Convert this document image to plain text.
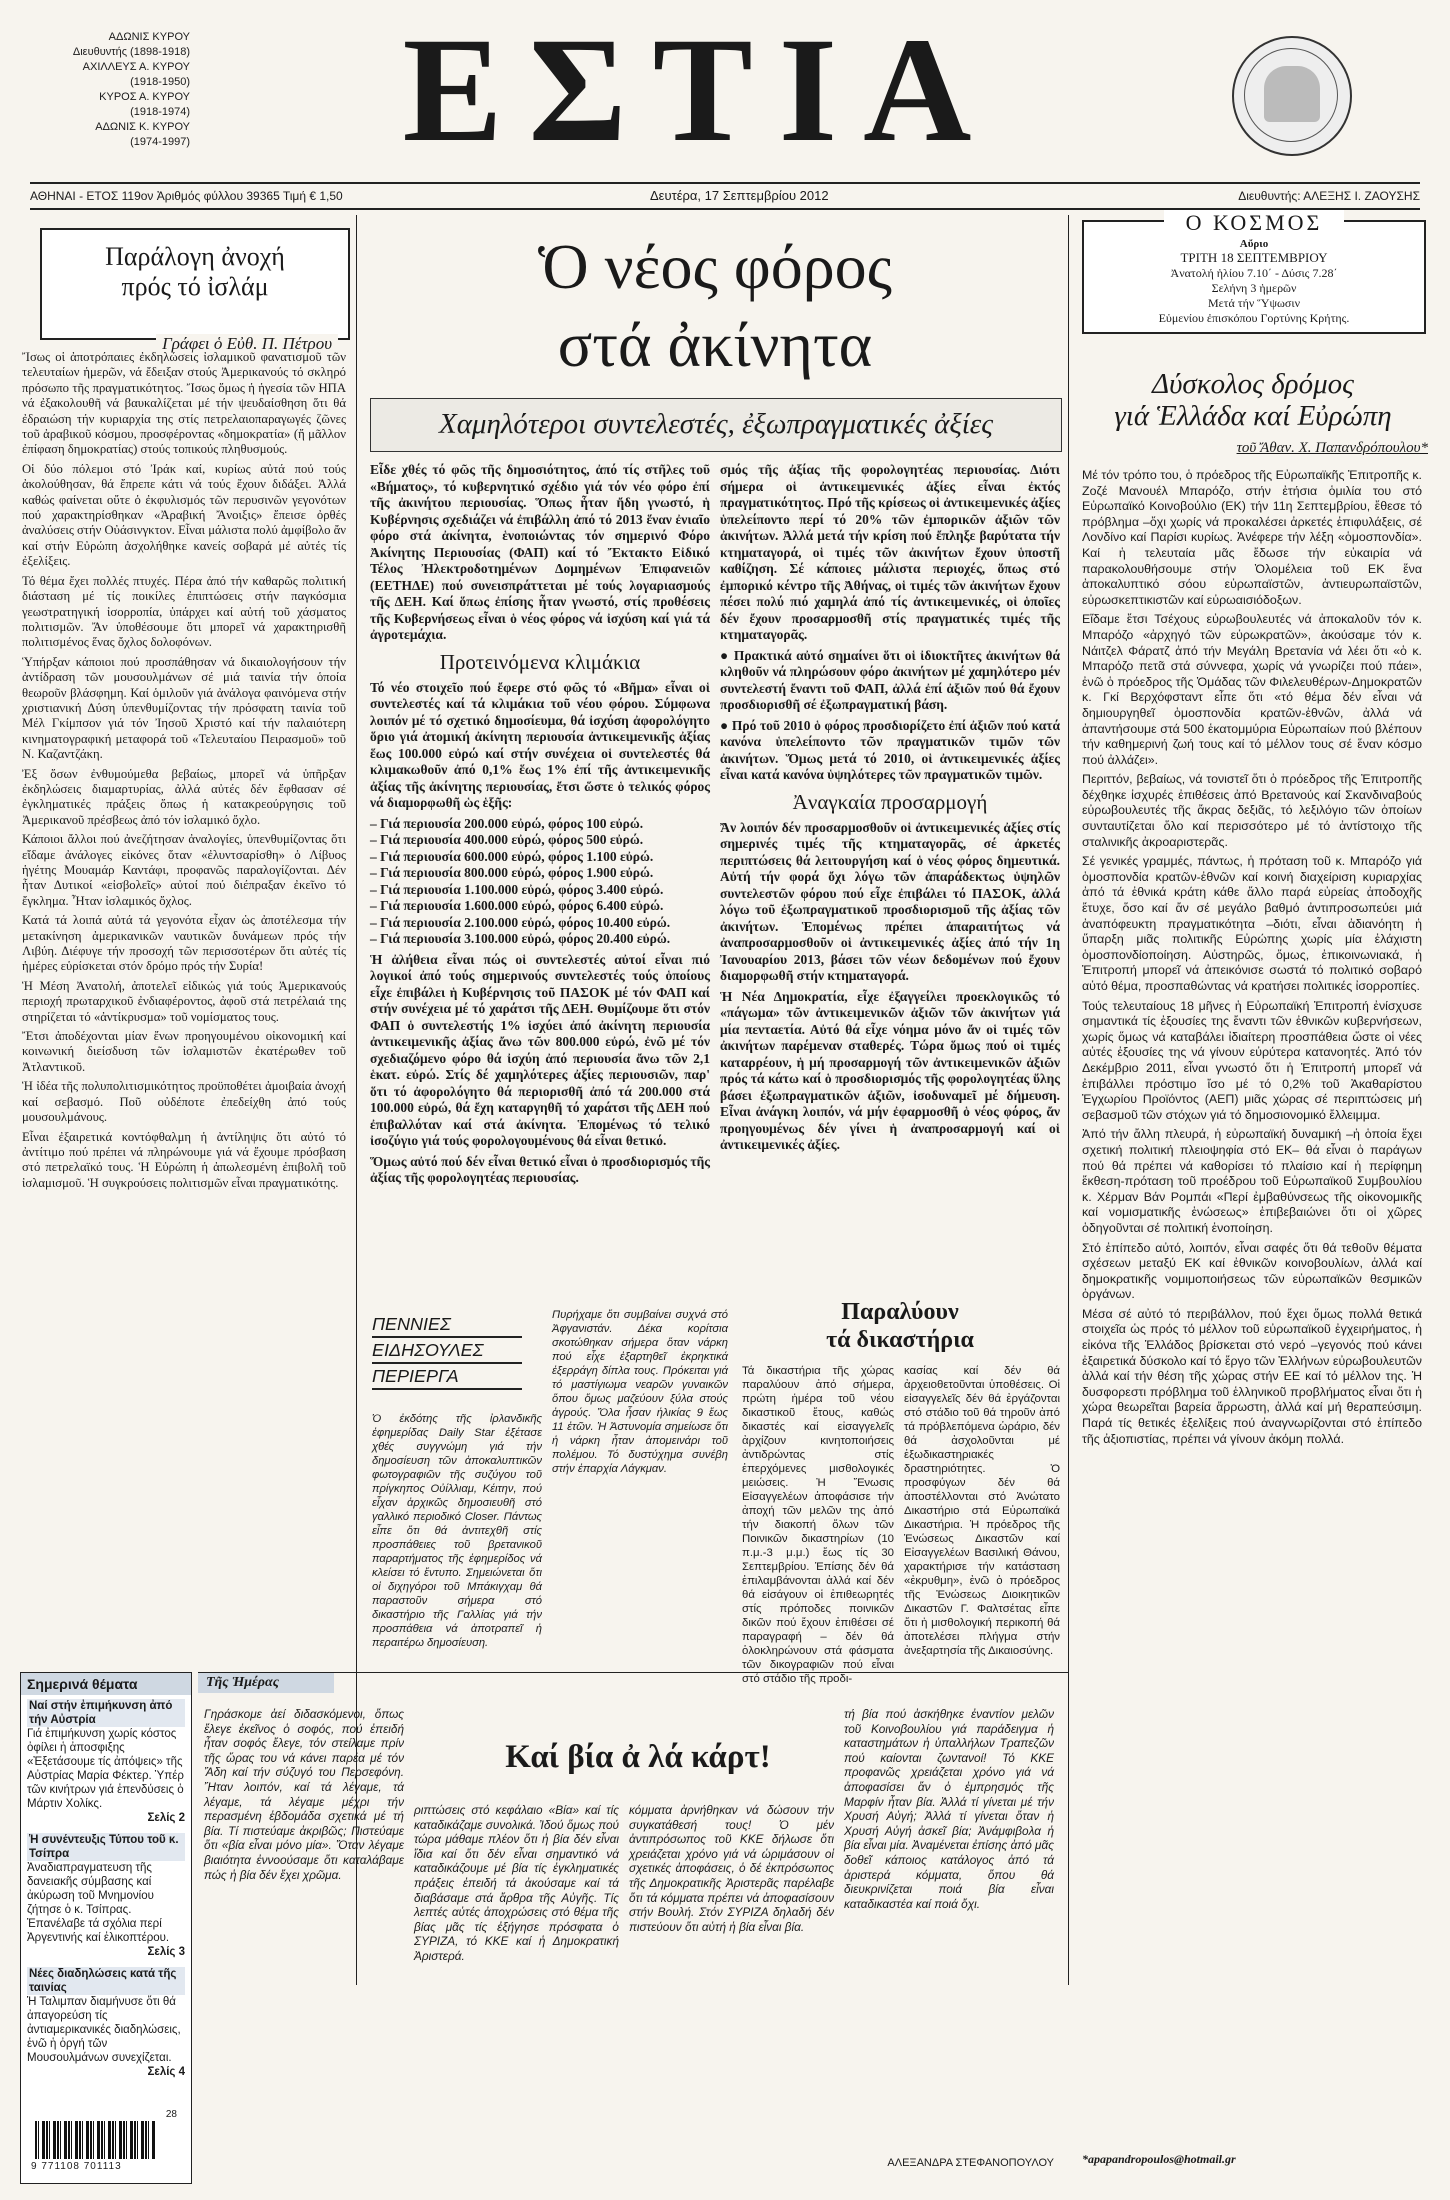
ΑΔΩΝΙΣ ΚΥΡΟΥ
Διευθυντής (1898-1918)
ΑΧΙΛΛΕΥΣ Α. ΚΥΡΟΥ
(1918-1950)
ΚΥΡΟΣ Α. ΚΥΡΟΥ
(1918-1974)
ΑΔΩΝΙΣ Κ. ΚΥΡΟΥ
(1974-1997)	ΕΣΤΙΑ
ΑΘΗΝΑΙ - ΕΤΟΣ 119ον Ἀριθμός φύλλου 39365 Τιμή € 1,50	Δευτέρα, 17 Σεπτεμβρίου 2012	Διευθυντής: ΑΛΕΞΗΣ Ι. ΖΑΟΥΣΗΣ
Παράλογη ἀνοχή
πρός τό ἰσλάμ
Γράφει ὁ Εὐθ. Π. Πέτρου

Ἴσως οἱ ἀποτρόπαιες ἐκδηλώσεις ἰσλαμικοῦ φανατισμοῦ τῶν τελευταίων ἡμερῶν, νά ἔδειξαν στούς Ἀμερικανούς τό σκληρό πρόσωπο τῆς πραγματικότητος. Ἴσως ὅμως ἡ ἡγεσία τῶν ΗΠΑ νά ἐξακολουθῆ νά βαυκαλίζεται μέ τήν ψευδαίσθηση ὅτι θά ἐδραιώση τήν κυριαρχία της στίς πετρελαιοπαραγωγές ζῶνες τοῦ ἀραβικοῦ κόσμου, προσφέροντας «δημοκρατία» (ἤ μᾶλλον ἐπίφαση δημοκρατίας) στούς τοπικούς πληθυσμούς.

Οἱ δύο πόλεμοι στό Ἰράκ καί, κυρίως αὐτά πού τούς ἀκολούθησαν, θά ἔπρεπε κάτι νά τούς ἔχουν διδάξει. Ἀλλά καθώς φαίνεται οὔτε ὁ ἐκφυλισμός τῶν περυσινῶν γεγονότων πού χαρακτηρίσθηκαν «Ἀραβική Ἄνοιξις» ἔπεισε ὀρθές ἀναλύσεις στήν Οὐάσινγκτον. Εἶναι μάλιστα πολύ ἀμφίβολο ἄν καί στήν Εὐρώπη ἀσχολήθηκε κανείς σοβαρά μέ αὐτές τίς ἐξελίξεις.

Τό θέμα ἔχει πολλές πτυχές. Πέρα ἀπό τήν καθαρῶς πολιτική διάσταση μέ τίς ποικίλες ἐπιπτώσεις στήν παγκόσμια γεωστρατηγική ἰσορροπία, ὑπάρχει καί αὐτή τοῦ χάσματος πολιτισμῶν. Ἄν ὑποθέσουμε ὅτι μπορεῖ νά χαρακτηρισθῆ πολιτισμένος ἕνας ὄχλος δολοφόνων.

Ὑπήρξαν κάποιοι πού προσπάθησαν νά δικαιολογήσουν τήν ἀντίδραση τῶν μουσουλμάνων σέ μιά ταινία τήν ὁποία θεωροῦν βλάσφημη. Καί ὁμιλοῦν γιά ἀνάλογα φαινόμενα στήν χριστιανική Δύση ὑπενθυμίζοντας τήν πρόσφατη ταινία τοῦ Μέλ Γκίμπσον γιά τόν Ἰησοῦ Χριστό καί τήν παλαιότερη κινηματογραφική μεταφορά τοῦ «Τελευταίου Πειρασμοῦ» τοῦ Ν. Καζαντζάκη.

Ἐξ ὅσων ἐνθυμούμεθα βεβαίως, μπορεῖ νά ὑπῆρξαν ἐκδηλώσεις διαμαρτυρίας, ἀλλά αὐτές δέν ἔφθασαν σέ ἐγκληματικές πράξεις ὅπως ἡ κατακρεούργησις τοῦ Ἀμερικανοῦ πρέσβεως ἀπό τόν ἰσλαμικό ὄχλο.

Κάποιοι ἄλλοι πού ἀνεζήτησαν ἀναλογίες, ὑπενθυμίζοντας ὅτι εἴδαμε ἀνάλογες εἰκόνες ὅταν «ἐλυντσαρίσθη» ὁ Λίβυος ἡγέτης Μουαμάρ Καντάφι, προφανῶς παραλογίζονται. Δέν ἦταν Δυτικοί «εἰσβολεῖς» αὐτοί πού διέπραξαν ἐκεῖνο τό ἔγκλημα. Ἦταν ἰσλαμικός ὄχλος.

Κατά τά λοιπά αὐτά τά γεγονότα εἶχαν ὡς ἀποτέλεσμα τήν μετακίνηση ἀμερικανικῶν ναυτικῶν δυνάμεων πρός τήν Λιβύη. Διέφυγε τήν προσοχή τῶν περισσοτέρων ὅτι αὐτές τίς ἡμέρες εὑρίσκεται στόν δρόμο πρός τήν Συρία!

Ἡ Μέση Ἀνατολή, ἀποτελεῖ εἰδικώς γιά τούς Ἀμερικανούς περιοχή πρωταρχικοῦ ἐνδιαφέροντος, ἀφοῦ στά πετρέλαιά της στηρίζεται τό «ἀντίκρυσμα» τοῦ νομίσματος τους.

Ἔτσι ἀποδέχονται μίαν ἔνων προηγουμένου οἰκονομική καί κοινωνική διείσδυση τῶν ἰσλαμιστῶν ἐκατέρωθεν τοῦ Ἀτλαντικοῦ.

Ἡ ἰδέα τῆς πολυπολιτισμικότητος προϋποθέτει ἀμοιβαία ἀνοχή καί σεβασμό. Ποῦ οὐδέποτε ἐπεδείχθη ἀπό τούς μουσουλμάνους.

Εἶναι ἐξαιρετικά κοντόφθαλμη ἡ ἀντίληψις ὅτι αὐτό τό ἀντίτιμο πού πρέπει νά πληρώνουμε γιά νά ἔχουμε πρόσβαση στό πετρελαϊκό τους. Ἡ Εὐρώπη ἡ ἀπωλεσμένη ἐπιβολῆ τοῦ ἰσλαμισμοῦ. Ἡ συγκρούσεις πολιτισμῶν εἶναι πραγματικότης.

Ὁ νέος φόρος
στά ἀκίνητα
Χαμηλότεροι συντελεστές, ἐξωπραγματικές ἀξίες

Εἶδε χθές τό φῶς τῆς δημοσιότητος, ἀπό τίς στῆλες τοῦ «Βήματος», τό κυβερνητικό σχέδιο γιά τόν νέο φόρο ἐπί τῆς ἀκινήτου περιουσίας. Ὅπως ἦταν ἤδη γνωστό, ἡ Κυβέρνησις σχεδιάζει νά ἐπιβάλλη ἀπό τό 2013 ἕναν ἐνιαῖο φόρο στά ἀκίνητα, ἑνοποιώντας τόν σημερινό Φόρο Ἀκίνητης Περιουσίας (ΦΑΠ) καί τό Ἔκτακτο Εἰδικό Τέλος Ἠλεκτροδοτημένων Δομημένων Ἐπιφανειῶν (ΕΕΤΗΔΕ) πού συνεισπράττεται μέ τούς λογαριασμούς τῆς ΔΕΗ. Καί ὅπως ἐπίσης ἦταν γνωστό, στίς προθέσεις τῆς Κυβερνήσεως εἶναι ὁ νέος φόρος νά ἰσχύση καί γιά τά ἀγροτεμάχια.

Προτεινόμενα κλιμάκια

Τό νέο στοιχεῖο πού ἔφερε στό φῶς τό «Βῆμα» εἶναι οἱ συντελεστές καί τά κλιμάκια τοῦ νέου φόρου. Σύμφωνα λοιπόν μέ τό σχετικό δημοσίευμα, θά ἰσχύση ἀφορολόγητο ὅριο γιά ἀτομική ἀκίνητη περιουσία ἀντικειμενικῆς ἀξίας ἕως 100.000 εὐρώ καί στήν συνέχεια οἱ συντελεστές θά κλιμακωθοῦν ἀπό 0,1% ἕως 1% ἐπί τῆς ἀντικειμενικῆς ἀξίας τῆς ἀκίνητης περιουσίας, ἔτσι ὥστε ὁ τελικός φόρος νά διαμορφωθῆ ὡς ἑξῆς:

– Γιά περιουσία 200.000 εὐρώ, φόρος 100 εὐρώ.
– Γιά περιουσία 400.000 εὐρώ, φόρος 500 εὐρώ.
– Γιά περιουσία 600.000 εὐρώ, φόρος 1.100 εὐρώ.
– Γιά περιουσία 800.000 εὐρώ, φόρος 1.900 εὐρώ.
– Γιά περιουσία 1.100.000 εὐρώ, φόρος 3.400 εὐρώ.
– Γιά περιουσία 1.600.000 εὐρώ, φόρος 6.400 εὐρώ.
– Γιά περιουσία 2.100.000 εὐρώ, φόρος 10.400 εὐρώ.
– Γιά περιουσία 3.100.000 εὐρώ, φόρος 20.400 εὐρώ.

Ἡ ἀλήθεια εἶναι πώς οἱ συντελεστές αὐτοί εἶναι πιό λογικοί ἀπό τούς σημερινούς συντελεστές τούς ὁποίους εἶχε ἐπιβάλει ἡ Κυβέρνησις τοῦ ΠΑΣΟΚ μέ τόν ΦΑΠ καί στήν συνέχεια μέ τό χαράτσι τῆς ΔΕΗ. Θυμίζουμε ὅτι στόν ΦΑΠ ὁ συντελεστής 1% ἰσχύει ἀπό ἀκίνητη περιουσία ἀντικειμενικῆς ἀξίας ἄνω τῶν 800.000 εὐρώ, ἐνῶ μέ τόν σχεδιαζόμενο φόρο θά ἰσχύη ἀπό περιουσία ἄνω τῶν 2,1 ἑκατ. εὐρώ. Στίς δέ χαμηλότερες ἀξίες περιουσιῶν, παρ' ὅτι τό ἀφορολόγητο θά περιορισθῆ ἀπό τά 200.000 στά 100.000 εὐρώ, θά ἔχη καταργηθῆ τό χαράτσι τῆς ΔΕΗ πού ἐπιβαλλόταν καί στά ἀκίνητα. Ἑπομένως τό τελικό ἰσοζύγιο γιά τούς φορολογουμένους θά εἶναι θετικό.

Ὅμως αὐτό πού δέν εἶναι θετικό εἶναι ὁ προσδιορισμός τῆς ἀξίας τῆς φορολογητέας περιουσίας.

σμός τῆς ἀξίας τῆς φορολογητέας περιουσίας. Διότι σήμερα οἱ ἀντικειμενικές ἀξίες εἶναι ἐκτός πραγματικότητος. Πρό τῆς κρίσεως οἱ ἀντικειμενικές ἀξίες ὑπελείποντο περί τό 20% τῶν ἐμπορικῶν ἀξιῶν τῶν ἀκινήτων. Ἀλλά μετά τήν κρίση πού ἔπληξε βαρύτατα τήν κτηματαγορά, οἱ τιμές τῶν ἀκινήτων ἔχουν ὑποστῆ καθίζηση. Σέ κάποιες μάλιστα περιοχές, ὅπως στό ἐμπορικό κέντρο τῆς Ἀθήνας, οἱ τιμές τῶν ἀκινήτων ἔχουν πέσει πολύ πιό χαμηλά ἀπό τίς ἀντικειμενικές, οἱ ὁποῖες δέν ἔχουν προσαρμοσθῆ στίς πραγματικές τιμές τῆς κτηματαγορᾶς.

● Πρακτικά αὐτό σημαίνει ὅτι οἱ ἰδιοκτῆτες ἀκινήτων θά κληθοῦν νά πληρώσουν φόρο ἀκινήτων μέ χαμηλότερο μέν συντελεστή ἔναντι τοῦ ΦΑΠ, ἀλλά ἐπί ἀξιῶν πού θά ἔχουν προσδιορισθῆ σέ ἐξωπραγματική βάση.

● Πρό τοῦ 2010 ὁ φόρος προσδιορίζετο ἐπί ἀξιῶν πού κατά κανόνα ὑπελείποντο τῶν πραγματικῶν τιμῶν τῶν ἀκινήτων. Ὅμως μετά τό 2010, οἱ ἀντικειμενικές ἀξίες εἶναι κατά κανόνα ὑψηλότερες τῶν πραγματικῶν τιμῶν.

Ἀναγκαία προσαρμογή

Ἄν λοιπόν δέν προσαρμοσθοῦν οἱ ἀντικειμενικές ἀξίες στίς σημερινές τιμές τῆς κτηματαγορᾶς, σέ ἀρκετές περιπτώσεις θά λειτουργήση καί ὁ νέος φόρος δημευτικά. Αὐτή τήν φορά ὄχι λόγω τῶν ἀπαράδεκτως ὑψηλῶν συντελεστῶν φόρου πού εἶχε ἐπιβάλει τό ΠΑΣΟΚ, ἀλλά λόγω τοῦ ἐξωπραγματικοῦ προσδιορισμοῦ τῆς ἀξίας τῶν ἀκινήτων. Ἑπομένως πρέπει ἀπαραιτήτως νά ἀναπροσαρμοσθοῦν οἱ ἀντικειμενικές ἀξίες ἀπό τήν 1η Ἰανουαρίου 2013, βάσει τῶν νέων δεδομένων πού ἔχουν διαμορφωθῆ στήν κτηματαγορά.

Ἡ Νέα Δημοκρατία, εἶχε ἐξαγγείλει προεκλογικῶς τό «πάγωμα» τῶν ἀντικειμενικῶν ἀξιῶν τῶν ἀκινήτων γιά μία πενταετία. Αὐτό θά εἶχε νόημα μόνο ἄν οἱ τιμές τῶν ἀκινήτων παρέμεναν σταθερές. Τώρα ὅμως πού οἱ τιμές καταρρέουν, ἡ μή προσαρμογή τῶν ἀντικειμενικῶν ἀξιῶν πρός τά κάτω καί ὁ προσδιορισμός τῆς φορολογητέας ὕλης βάσει ἐξωπραγματικῶν ἀξιῶν, ἰσοδυναμεῖ μέ δήμευση. Εἶναι ἀνάγκη λοιπόν, νά μήν ἐφαρμοσθῆ ὁ νέος φόρος, ἄν προηγουμένως δέν γίνει ἡ ἀναπροσαρμογή καί οἱ ἀντικειμενικές ἀξίες.

Ο ΚΟΣΜΟΣ
Αὔριο
ΤΡΙΤΗ 18 ΣΕΠΤΕΜΒΡΙΟΥ
Ἀνατολή ἡλίου 7.10΄ - Δύσις 7.28΄
Σελήνη 3 ἡμερῶν
Μετά τήν Ὕψωσιν
Εὐμενίου ἐπισκόπου Γορτύνης Κρήτης.
Δύσκολος δρόμος
γιά Ἑλλάδα καί Εὐρώπη
τοῦ Ἄθαν. Χ. Παπανδρόπουλου*

Μέ τόν τρόπο του, ὁ πρόεδρος τῆς Εὐρωπαϊκῆς Ἐπιτροπῆς κ. Ζοζέ Μανουέλ Μπαρόζο, στήν ἐτήσια ὁμιλία του στό Εὐρωπαϊκό Κοινοβούλιο (ΕΚ) τήν 11η Σεπτεμβρίου, ἔθεσε τό πρόβλημα –ὄχι χωρίς νά προκαλέσει ἀρκετές ἐπιφυλάξεις, σέ Λονδίνο καί Παρίσι κυρίως. Ἀνέφερε τήν λέξη «ὁμοσπονδία». Καί ἡ τελευταία μᾶς ἔδωσε τήν εὐκαιρία νά παρακολουθήσουμε στήν Ὀλομέλεια τοῦ ΕΚ ἕνα ἀποκαλυπτικό σόου εὐρωπαϊστῶν, ἀντιευρωπαϊστῶν, εὐρωσκεπτικιστῶν καί εὐρωαισιόδοξων.

Εἴδαμε ἔτσι Τσέχους εὐρωβουλευτές νά ἀποκαλοῦν τόν κ. Μπαρόζο «ἀρχηγό τῶν εὐρωκρατῶν», ἀκούσαμε τόν κ. Νάιτζελ Φάρατζ ἀπό τήν Μεγάλη Βρετανία νά λέει ὅτι «ὁ κ. Μπαρόζο πετᾶ στά σύννεφα, χωρίς νά γνωρίζει πού πάει», ἐνῶ ὁ πρόεδρος τῆς Ὁμάδας τῶν Φιλελευθέρων-Δημοκρατῶν κ. Γκί Βερχόφσταντ εἶπε ὅτι «τό θέμα δέν εἶναι νά δημιουργηθεῖ ὁμοσπονδία κρατῶν-ἐθνῶν, ἀλλά νά ἀπαντήσουμε στά 500 ἑκατομμύρια Εὐρωπαίων πού βλέπουν τήν καθημερινή ζωή τους καί τό μέλλον τους σέ ἕναν κόσμο πού ἀλλάζει».

Περιττόν, βεβαίως, νά τονιστεῖ ὅτι ὁ πρόεδρος τῆς Ἐπιτροπῆς δέχθηκε ἰσχυρές ἐπιθέσεις ἀπό Βρετανούς καί Σκανδιναβούς εὐρωβουλευτές τῆς ἄκρας δεξιᾶς, τό λεξιλόγιο τῶν ὁποίων συνταυτίζεται ὅλο καί περισσότερο μέ τό ἀντίστοιχο τῆς σταλινικῆς ἀκροαριστερᾶς.

Σέ γενικές γραμμές, πάντως, ἡ πρόταση τοῦ κ. Μπαρόζο γιά ὁμοσπονδία κρατῶν-ἐθνῶν καί κοινή διαχείριση κυριαρχίας ἀπό τά ἐθνικά κράτη κάθε ἄλλο παρά εὐρείας ἀποδοχῆς ἔτυχε, ὅσο καί ἄν σέ μεγάλο βαθμό ἀντιπροσωπεύει μιά ἀναπόφευκτη πραγματικότητα –διότι, εἶναι ἀδιανόητη ἡ ὕπαρξη μιᾶς πολιτικῆς Εὐρώπης χωρίς μία ἐλάχιστη ὁμοσπονδίοποίηση. Αὐστηρῶς, ὅμως, ἐπικοινωνιακά, ἡ Ἐπιτροπή μπορεῖ νά ἀπεικόνισε σωστά τό πολιτικό σοβαρό αὐτό θέμα, προσπαθώντας νά κρατήσει πολιτικές ἰσορροπίες.

Τούς τελευταίους 18 μῆνες ἡ Εὐρωπαϊκή Ἐπιτροπή ἐνίσχυσε σημαντικά τίς ἐξουσίες της ἔναντι τῶν ἐθνικῶν κυβερνήσεων, χωρίς ὅμως νά καταβάλει ἰδιαίτερη προσπάθεια ὥστε οἱ νέες αὐτές ἐξουσίες της νά γίνουν εὐρύτερα κατανοητές. Ἀπό τόν Δεκέμβριο 2011, εἶναι γνωστό ὅτι ἡ Ἐπιτροπή μπορεῖ νά ἐπιβάλλει πρόστιμο ἴσο μέ τό 0,2% τοῦ Ἀκαθαρίστου Ἐγχωρίου Προϊόντος (ΑΕΠ) μιᾶς χώρας σέ περιπτώσεις μή σεβασμοῦ τῶν στόχων γιά τό δημοσιονομικό ἔλλειμμα.

Ἀπό τήν ἄλλη πλευρά, ἡ εὐρωπαϊκή δυναμική –ἡ ὁποία ἔχει σχετική πολιτική πλειοψηφία στό ΕΚ– θά εἶναι ὁ παράγων πού θά πρέπει νά καθορίσει τό πλαίσιο καί ἡ περίφημη ἔκθεση-πρόταση τοῦ προέδρου τοῦ Εὐρωπαϊκοῦ Συμβουλίου κ. Χέρμαν Βάν Ρομπάι «Περί ἐμβαθύνσεως τῆς οἰκονομικῆς καί νομισματικῆς ἑνώσεως» ἐπιβεβαιώνει ὅτι οἱ χῶρες ὁδηγοῦνται σέ πολιτική ἑνοποίηση.

Στό ἐπίπεδο αὐτό, λοιπόν, εἶναι σαφές ὅτι θά τεθοῦν θέματα σχέσεων μεταξύ ΕΚ καί ἐθνικῶν κοινοβουλίων, ἀλλά καί δημοκρατικῆς νομιμοποιήσεως τῶν εὐρωπαϊκῶν θεσμικῶν ὀργάνων.

Μέσα σέ αὐτό τό περιβάλλον, πού ἔχει ὅμως πολλά θετικά στοιχεῖα ὡς πρός τό μέλλον τοῦ εὐρωπαϊκοῦ ἐγχειρήματος, ἡ εἰκόνα τῆς Ἑλλάδος βρίσκεται στό νερό –γεγονός πού κάνει ἐξαιρετικά δύσκολο καί τό ἔργο τῶν Ἑλλήνων εὐρωβουλευτῶν ἀλλά καί τήν θέση τῆς χώρας στήν ΕΕ καί τό μέλλον της. Ἡ δυσφορεστι πρόβλημα τοῦ ἑλληνικοῦ προβλήματος εἶναι ὅτι ἡ χώρα θεωρεῖται βαρεία ἄρρωστη, ἀλλά καί μή θεραπεύσιμη. Παρά τίς θετικές ἐξελίξεις πού ἀναγνωρίζονται στό ἐπίπεδο τῆς ἀξιοπιστίας, πρέπει νά γίνουν ἀκόμη πολλά.

*apapandropoulos@hotmail.gr
ΠΕΝΝΙΕΣ
ΕΙΔΗΣΟΥΛΕΣ
ΠΕΡΙΕΡΓΑ
Ὁ ἐκδότης τῆς ἰρλανδικῆς ἐφημερίδας Daily Star ἐξέτασε χθές συγγνώμη γιά τήν δημοσίευση τῶν ἀποκαλυπτικῶν φωτογραφιῶν τῆς συζύγου τοῦ πρίγκηπος Οὐίλλιαμ, Κέιτην, πού εἶχαν ἀρχικῶς δημοσιευθῆ στό γαλλικό περιοδικό Closer. Πάντως εἶπε ὅτι θά ἀντιτεχθῆ στίς προσπάθειες τοῦ βρετανικοῦ παραρτήματος τῆς ἐφημερίδος νά κλείσει τό ἔντυπο. Σημειώνεται ὅτι οἱ διχηγόροι τοῦ Μπάκιγχαμ θά παραστοῦν σήμερα στό δικαστήριο τῆς Γαλλίας γιά τήν προσπάθεια νά ἀποτραπεῖ ἡ περαιτέρω δημοσίευση.
Πυρήχαμε ὅτι συμβαίνει συχνά στό Ἀφγανιστάν. Δέκα κορίτσια σκοτώθηκαν σήμερα ὅταν νάρκη πού εἶχε ἐξαρτηθεῖ ἐκρηκτικά ἐξερράγη δίπλα τους. Πρόκειται γιά τό μαστίγιωμα νεαρῶν γυναικῶν ὅπου ὅμως μαζεύουν ξύλα στούς ἀγρούς. Ὅλα ἦσαν ἡλικίας 9 ἕως 11 ἐτῶν. Ἡ Ἀστυνομία σημείωσε ὅτι ἡ νάρκη ἦταν ἀπομεινάρι τοῦ πολέμου. Τό δυστύχημα συνέβη στήν ἐπαρχία Λάγκμαν.
Παραλύουν
τά δικαστήρια
Τά δικαστήρια τῆς χώρας παραλύουν ἀπό σήμερα, πρώτη ἡμέρα τοῦ νέου δικαστικοῦ ἔτους, καθώς δικαστές καί εἰσαγγελεῖς ἀρχίζουν κινητοποιήσεις ἀντιδρώντας στίς ἐπερχόμενες μισθολογικές μειώσεις. Ἡ Ἕνωσις Εἰσαγγελέων ἀποφάσισε τήν ἀποχή τῶν μελῶν της ἀπό τήν διακοπή ὅλων τῶν Ποινικῶν δικαστηρίων (10 π.μ.-3 μ.μ.) ἕως τίς 30 Σεπτεμβρίου. Ἐπίσης δέν θά ἐπιλαμβάνονται ἀλλά καί δέν θά εἰσάγουν οἱ ἐπιθεωρητές στίς πρόποδες ποινικῶν δικῶν πού ἔχουν ἐπιθέσει σέ παραγραφή – δέν θά ὁλοκληρώνουν στά φάσματα τῶν δικογραφιῶν πού εἶναι στό στάδιο τῆς προδι-
κασίας καί δέν θά ἀρχειοθετοῦνται ὑποθέσεις. Οἱ εἰσαγγελεῖς δέν θά ἐργάζονται στό στάδιο τοῦ θά τηροῦν ἀπό τά πρόβλεπόμενα ὡράριο, δέν θά ἀσχολοῦνται μέ ἐξωδικαστηριακές δραστηριότητες. Ὁ προσφύγων δέν θά ἀποστέλλονται στό Ἀνώτατο Δικαστήριο στά Εὐρωπαϊκά Δικαστήρια. Ἡ πρόεδρος τῆς Ἑνώσεως Δικαστῶν καί Εἰσαγγελέων Βασιλική Θάνου, χαρακτήρισε τήν κατάσταση «ἐκρυθμη», ἐνῶ ὁ πρόεδρος τῆς Ἑνώσεως Διοικητικῶν Δικαστῶν Γ. Φαλτσέτας εἶπε ὅτι ἡ μισθολογική περικοπή θά ἀποτελέσει πλήγμα στήν ἀνεξαρτησία τῆς Δικαιοσύνης.
Σημερινά θέματα
Ναί στήν ἐπιμήκυνση ἀπό τήν Αὐστρία
Γιά ἐπιμήκυνση χωρίς κόστος ὀφίλει ἡ ἀποσφιξης «Ἐξετάσουμε τίς ἀπόψεις» τῆς Αὐστρίας Μαρία Φέκτερ. Ὑπέρ τῶν κινήτρων γιά ἐπενδύσεις ὁ Μάρτιν Χολίκς.
Σελίς 2
Ἡ συνέντευξις Τύπου τοῦ κ. Τσίπρα
Ἀναδιαπραγματευση τῆς δανειακῆς σύμβασης καί ἀκύρωση τοῦ Μνημονίου ζήτησε ὁ κ. Τσίπρας. Ἐπανέλαβε τά σχόλια περί Ἀργεντινής καί ἐλικοπτέρου.
Σελίς 3
Νέες διαδηλώσεις κατά τῆς ταινίας
Ἡ Ταλιμπαν διαμήνυσε ὅτι θά ἀπαγορεύση τίς ἀντιαμερικανικές διαδηλώσεις, ἐνῶ ἡ ὀργή τῶν Μουσουλμάνων συνεχίζεται.
Σελίς 4
28
9 771108 701113
Τῆς Ἡμέρας
Καί βία ἀ λά κάρτ!
Γηράσκομε ἀεί διδασκόμενοι, ὅπως ἔλεγε ἐκεῖνος ὁ σοφός, πού ἐπειδή ἦταν σοφός ἔλεγε, τόν στείλαμε πρίν τῆς ὥρας του νά κάνει παρέα μέ τόν Ἅδη καί τήν σύζυγό του Περσεφόνη. Ἤταν λοιπόν, καί τά λέγαμε, τά λέγαμε, τά λέγαμε μέχρι τήν περασμένη ἑβδομάδα σχετικά μέ τή βία. Τί πιστεύαμε ἀκριβῶς; Πιστεύαμε ὅτι «βία εἶναι μόνο μία». Ὅταν λέγαμε βιαιότητα ἐννοούσαμε ὅτι καταλάβαμε πώς ἡ βία δέν ἔχει χρῶμα.
ριπτώσεις στό κεφάλαιο «Βία» καί τίς καταδικάζαμε συνολικά. Ἰδού ὅμως πού τώρα μάθαμε πλέον ὅτι ἡ βία δέν εἶναι ἴδια καί ὅτι δέν εἶναι σημαντικό νά καταδικάζουμε μέ βία τίς ἐγκληματικές πράξεις ἐπειδή τά ἀκούσαμε καί τά διαβάσαμε στά ἄρθρα τῆς Αὐγῆς. Τίς λεπτές αὐτές ἀποχρώσεις στό θέμα τῆς βίας μᾶς τίς ἐξήγησε πρόσφατα ὁ ΣΥΡΙΖΑ, τό ΚΚΕ καί ἡ Δημοκρατική Ἀριστερά.
κόμματα ἀρνήθηκαν νά δώσουν τήν συγκατάθεσή τους! Ὁ μέν ἀντιπρόσωπος τοῦ ΚΚΕ δήλωσε ὅτι χρειάζεται χρόνο γιά νά ὡριμάσουν οἱ σχετικές ἀποφάσεις, ὁ δέ ἐκπρόσωπος τῆς Δημοκρατικῆς Ἀριστερᾶς παρέλαβε ὅτι τά κόμματα πρέπει νά ἀποφασίσουν στήν Βουλή. Στόν ΣΥΡΙΖΑ δηλαδή δέν πιστεύουν ὅτι αὐτή ἡ βία εἶναι βία.
τή βία πού ἀσκήθηκε ἐναντίον μελῶν τοῦ Κοινοβουλίου γιά παράδειγμα ἡ καταστημάτων ἡ ὑπαλλήλων Τραπεζῶν πού καίονται ζωντανοί! Τό ΚΚΕ προφανῶς χρειάζεται χρόνο γιά νά ἀποφασίσει ἄν ὁ ἐμπρησμός τῆς Μαρφίν ἦταν βία. Ἀλλά τί γίνεται μέ τήν Χρυσή Αὐγή; Ἀλλά τί γίνεται ὅταν ἡ Χρυσή Αὐγή ἀσκεῖ βία; Ἀνάμφιβολα ἡ βία εἶναι μία. Ἀναμένεται ἐπίσης ἀπό μᾶς δοθεῖ κάποιος κατάλογος ἀπό τά ἀριστερά κόμματα, ὅπου θά διευκρινίζεται ποιά βία εἶναι καταδικαστέα καί ποιά ὄχι.
ΑΛΕΞΑΝΔΡΑ ΣΤΕΦΑΝΟΠΟΥΛΟΥ
